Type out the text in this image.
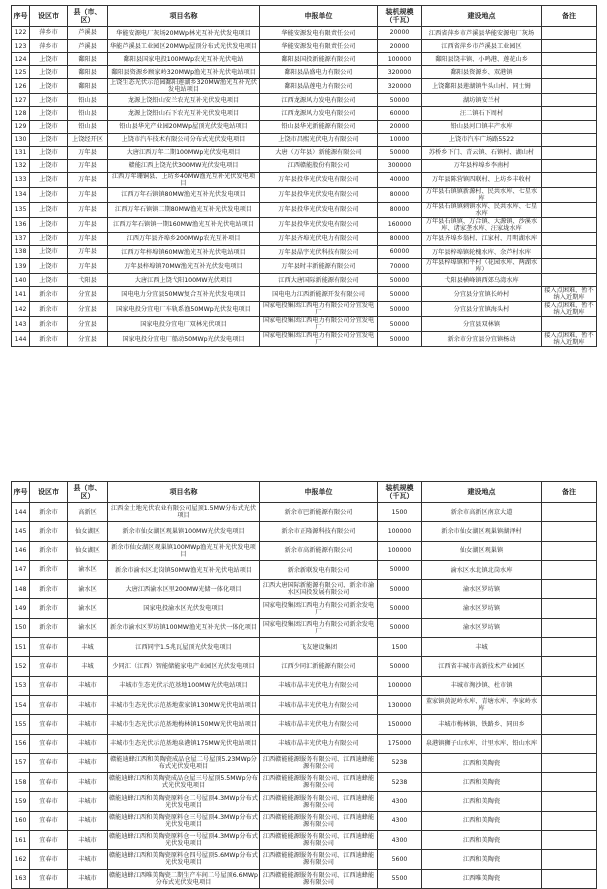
序号	设区市	县（市、区）	项目名称	申报单位	装机规模（千瓦）	建设地点	备注
122	萍乡市	芦溪县	华能安源电厂灰场20MWp林光互补光伏发电项目	华能安源发电有限责任公司	20000	江西省萍乡市芦溪县华能安源电厂灰场	
123	萍乡市	芦溪县	华能芦溪县工业园区20MWp屋顶分布式光伏发电项目	华能安源发电有限责任公司	20000	江西省萍乡市芦溪县工业园区	
124	上饶市	鄱阳县	鄱阳县国家电投100MWp农光互补光伏电站	鄱阳县国投新能源有限公司	100000	鄱阳县饶丰镇、小鸣港、莲花山乡	
125	上饶市	鄱阳县	鄱阳县资源乡顾家岭320MWp渔光互补光伏电站项目	鄱阳县晶盛电力有限公司	320000	鄱阳县资源乡、双港镇	
126	上饶市	鄱阳县	上饶生态光伏示范园鄱阳莲湖乡320MW渔光互补光伏发电站项目	鄱阳县晶莲电力有限公司	320000	上饶鄱阳县莲湖镇牛头山村、同士姆	
127	上饶市	铅山县	龙源上饶铅山安兰农光互补光伏发电项目	江西龙源风力发电有限公司	50000	湖坊镇安兰村	
128	上饶市	铅山县	龙源上饶铅山石下农光互补光伏发电项目	江西龙源风力发电有限公司	60000	汪二镇石下周村	
129	上饶市	铅山县	铅山县华光产业园20MWp屋顶光伏发电站项目	铅山县华光新能源有限公司	20000	铅山县河口镇丰产水库	
130	上饶市	上饶经开区	上饶市汽车技术有限公司分布式光伏发电项目	上饶市昌熙光伏电力有限公司	10000	上饶市汽车广场路5522	
131	上饶市	万年县	大唐江西万年二期100MWp光伏发电项目	大唐（万年县）新能源有限公司	50000	苏桥乡下门、青云镇、石镇村、湖山村	
132	上饶市	万年县	赣能江西上饶光伏300MW光伏发电项目	江西赣能股份有限公司	300000	万年县梓埠乡李南村	
133	上饶市	万年县	江西万年珊铜县、上坊乡40MW渔光互补光伏发电项目	万年县投华光伏发电有限公司	40000	万年县陈营镇四联村、上坊乡丰收村	
134	上饶市	万年县	江西万年石镇镇80MW渔光互补光伏发电项目	万年县投华光伏发电有限公司	80000	万年县石镇镇新源村、民共水库、七星水库	
135	上饶市	万年县	江西万年石镇镇二期80MW渔光互补光伏发电项目	万年县投华光伏发电有限公司	80000	万年县石镇镇刺镇水库、民共水库、七星水库	
136	上饶市	万年县	江西万年石镇镇一期160MW渔光互补光伏电站项目	万年县投华光伏发电有限公司	160000	万年县石镇镇、万合镇、大源镇、沙溪水库、诸家垄水库、汪家垅水库	
137	上饶市	万年县	江西万年县齐埠乡200MWp农光互补项目	万年县齐埠光伏电力有限公司	80000	万年县齐埠乡翁村、江家村、月明湖水库	
138	上饶市	万年县	江西万年梓埠镇60MW渔光互补光伏电站项目	万年县晶宇光伏科技有限公司	60000	万年县梓埠镇轮槐水库、余芦村水库	
139	上饶市	万年县	万年县梓埠镇70MW渔光互补光伏发电项目	万年县时丰新能源有限公司	70000	万年县梓埠镇和平村（花园水库、两湖水库）	
140	上饶市	弋阳县	大唐江西上饶弋阳100MW光伏项目	江西大唐国际新能源有限公司	50000	弋阳县横峰镇西郊乌湾水库	
141	新余市	分宜县	国电电力分宜县50MW复合互补光伏发电项目	国电电力江西新能源开发有限公司	50000	分宜县分宜镇长岭村	接入点困难，暂不纳入近期库
142	新余市	分宜县	国家电投分宜电厂车轨系渔50MWp光伏发电项目	国家电投集团江西电力有限公司分宜发电厂	50000	分宜县分宜镇海头村	接入点困难，暂不纳入近期库
143	新余市	分宜县	国家电投分宜电厂双林光伏项目	国家电投集团江西电力有限公司分宜发电厂	50000	分宜县双林镇	
144	新余市	分宜县	国家电投分宜电厂船动50MWp光伏发电项目	国家电投集团江西电力有限公司分宜发电厂	50000	新余市分宜县分宜镇杨动	接入点困难，暂不纳入近期库
序号	设区市	县（市、区）	项目名称	申报单位	装机规模（千瓦）	建设地点	备注
144	新余市	高新区	江西金土地光伏农业有限公司屋顶1.5MW分布式光伏项目	新余市巴新能源有限公司	1500	新余市高新区南京大道	
145	新余市	仙女湖区	新余市仙女湖区观巢镇100MW光伏发电项目	新余市正隆源科技有限公司	100000	新余市仙女湖区观巢镇湖泽村	
146	新余市	仙女湖区	新余市仙女湖区观巢镇100MWp渔光互补光伏发电项目	新余市高新能源有限公司	100000	仙女湖区观巢镇	
147	新余市	渝水区	新余市渝水区北岗镇50MW渔光互补光伏电站项目	新余新联发电有限公司	50000	渝水区水北镇北岗水库	
148	新余市	渝水区	大唐江西渝水区里200MW光储一体化项目	江西大唐国际新能源有限公司、新余市渝水区国投发展有限公司	50000	渝水区罗坊镇	
149	新余市	渝水区	国家电投渝水区光伏发电项目	国家电投集团江西电力有限公司新余发电厂	50000	渝水区罗坊镇	
150	新余市	渝水区	新余市渝水区罗坊镇100MW渔光互补光伏一体化项目	国家电投集团江西电力有限公司新余发电厂	50000	渝水区罗坊镇	
151	宜春市	丰城	江西同宇1.5兆瓦屋顶光伏发电项目	飞友建设集团	1500	丰城	
152	宜春市	丰城	少同汇（江西）智能储能家电产业园区光伏发电项目	江西少同汇新能源有限公司	50000	江西省丰城市高新技术产业园区	
153	宜春市	丰城市	丰城市生态光伏示范基地100MW光伏电站项目	丰城市晶丰光伏电力有限公司	100000	丰城市淘沙镇、杜市镇	
154	宜春市	丰城市	丰城市生态光伏示范基地董家镇130MW光伏电站项目	丰城市晶丰光伏电力有限公司	130000	董家镇黄泥岭水库、青塘水库、李家岭水库	
155	宜春市	丰城市	丰城市生态光伏示范基地梅林镇150MW光伏电站项目	丰城市晶丰光伏电力有限公司	150000	丰城市梅林镇、铁路乡、同田乡	
156	宜春市	丰城市	丰城市生态光伏示范基地泉港镇175MW光伏电站项目	丰城市晶丰光伏电力有限公司	175000	泉港镇狮子山水库、计里水库、铅山水库	
157	宜春市	丰城市	赣能迪蜂江西和美陶瓷成品仓屋二号屋顶5.23MWp分布式光伏发电项目	江西赣能能源服务有限公司、江西迪蜂能源有限公司	5238	江西和美陶瓷	
158	宜春市	丰城市	赣能迪蜂江西和美陶瓷成品仓屋三号屋顶5.5MWp分布式光伏发电项目	江西赣能能源服务有限公司、江西迪蜂能源有限公司	5238	江西和美陶瓷	
159	宜春市	丰城市	赣能迪蜂江西和美陶瓷原料仓二号屋顶4.3MWp分布式光伏发电项目	江西赣能能源服务有限公司、江西迪蜂能源有限公司	4300	江西和美陶瓷	
160	宜春市	丰城市	赣能迪蜂江西和美陶瓷原料仓三号屋顶4.3MWp分布式光伏发电项目	江西赣能能源服务有限公司、江西迪蜂能源有限公司	4300	江西和美陶瓷	
161	宜春市	丰城市	赣能迪蜂江西和美陶瓷原料仓一号屋顶4.3MWp分布式光伏发电项目	江西赣能能源服务有限公司、江西迪蜂能源有限公司	4300	江西和美陶瓷	
162	宜春市	丰城市	赣能迪蜂江西和美陶瓷原料仓四号屋顶5.6MWp分布式光伏发电项目	江西赣能能源服务有限公司、江西迪蜂能源有限公司	5600	江西和美陶瓷	
163	宜春市	丰城市	赣能迪蜂江西唯美陶瓷二期生产车间二号屋顶6.6MWp分布式光伏发电项目	江西赣能能源服务有限公司、江西迪蜂能源有限公司	5500	江西唯美陶瓷	
